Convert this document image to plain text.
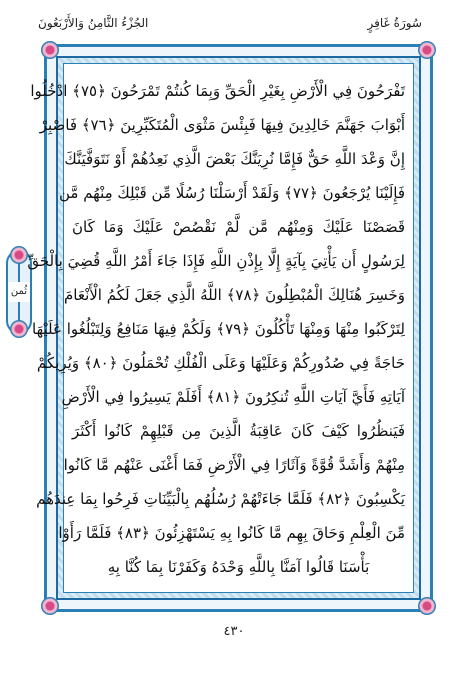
سُورَةُ غَافِرٍ
الجُزْءُ الثَّامِنُ وَالأَرْبَعُونَ
ثُمن
تَفْرَحُونَ فِي الْأَرْضِ بِغَيْرِ الْحَقِّ وَبِمَا كُنتُمْ تَمْرَحُونَ ﴿٧٥﴾ ادْخُلُوا
أَبْوَابَ جَهَنَّمَ خَالِدِينَ فِيهَا فَبِئْسَ مَثْوَى الْمُتَكَبِّرِينَ ﴿٧٦﴾ فَاصْبِرْ
إِنَّ وَعْدَ اللَّهِ حَقٌّ فَإِمَّا نُرِيَنَّكَ بَعْضَ الَّذِي نَعِدُهُمْ أَوْ نَتَوَفَّيَنَّكَ
فَإِلَيْنَا يُرْجَعُونَ ﴿٧٧﴾ وَلَقَدْ أَرْسَلْنَا رُسُلًا مِّن قَبْلِكَ مِنْهُم مَّن
قَصَصْنَا عَلَيْكَ وَمِنْهُم مَّن لَّمْ نَقْصُصْ عَلَيْكَ وَمَا كَانَ
لِرَسُولٍ أَن يَأْتِيَ بِآيَةٍ إِلَّا بِإِذْنِ اللَّهِ فَإِذَا جَاءَ أَمْرُ اللَّهِ قُضِيَ بِالْحَقِّ
وَخَسِرَ هُنَالِكَ الْمُبْطِلُونَ ﴿٧٨﴾ اللَّهُ الَّذِي جَعَلَ لَكُمُ الْأَنْعَامَ
لِتَرْكَبُوا مِنْهَا وَمِنْهَا تَأْكُلُونَ ﴿٧٩﴾ وَلَكُمْ فِيهَا مَنَافِعُ وَلِتَبْلُغُوا عَلَيْهَا
حَاجَةً فِي صُدُورِكُمْ وَعَلَيْهَا وَعَلَى الْفُلْكِ تُحْمَلُونَ ﴿٨٠﴾ وَيُرِيكُمْ
آيَاتِهِ فَأَيَّ آيَاتِ اللَّهِ تُنكِرُونَ ﴿٨١﴾ أَفَلَمْ يَسِيرُوا فِي الْأَرْضِ
فَيَنظُرُوا كَيْفَ كَانَ عَاقِبَةُ الَّذِينَ مِن قَبْلِهِمْ كَانُوا أَكْثَرَ
مِنْهُمْ وَأَشَدَّ قُوَّةً وَآثَارًا فِي الْأَرْضِ فَمَا أَغْنَى عَنْهُم مَّا كَانُوا
يَكْسِبُونَ ﴿٨٢﴾ فَلَمَّا جَاءَتْهُمْ رُسُلُهُم بِالْبَيِّنَاتِ فَرِحُوا بِمَا عِندَهُم
مِّنَ الْعِلْمِ وَحَاقَ بِهِم مَّا كَانُوا بِهِ يَسْتَهْزِئُونَ ﴿٨٣﴾ فَلَمَّا رَأَوْا
بَأْسَنَا قَالُوا آمَنَّا بِاللَّهِ وَحْدَهُ وَكَفَرْنَا بِمَا كُنَّا بِهِ
٤٣٠
